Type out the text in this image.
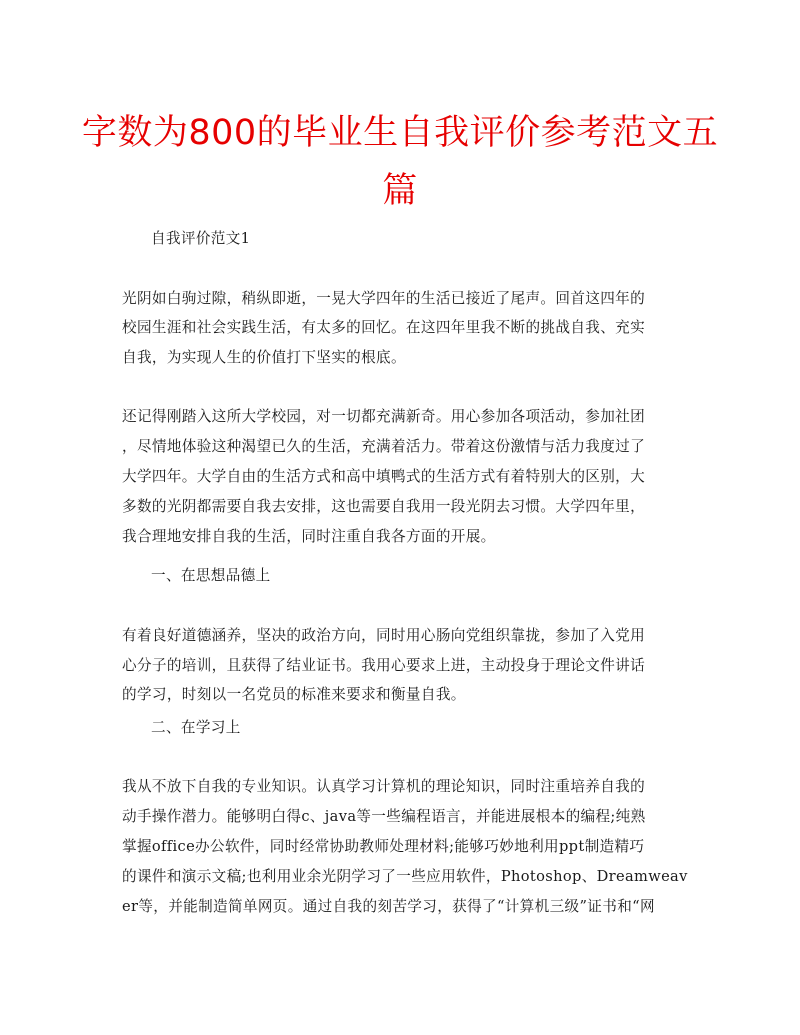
字数为800的毕业生自我评价参考范文五
篇
自我评价范文1
光阴如白驹过隙，稍纵即逝，一晃大学四年的生活已接近了尾声。回首这四年的
校园生涯和社会实践生活，有太多的回忆。在这四年里我不断的挑战自我、充实
自我，为实现人生的价值打下坚实的根底。
还记得刚踏入这所大学校园，对一切都充满新奇。用心参加各项活动，参加社团
，尽情地体验这种渴望已久的生活，充满着活力。带着这份激情与活力我度过了
大学四年。大学自由的生活方式和高中填鸭式的生活方式有着特别大的区别，大
多数的光阴都需要自我去安排，这也需要自我用一段光阴去习惯。大学四年里，
我合理地安排自我的生活，同时注重自我各方面的开展。
一、在思想品德上
有着良好道德涵养，坚决的政治方向，同时用心肠向党组织靠拢，参加了入党用
心分子的培训，且获得了结业证书。我用心要求上进，主动投身于理论文件讲话
的学习，时刻以一名党员的标准来要求和衡量自我。
二、在学习上
我从不放下自我的专业知识。认真学习计算机的理论知识，同时注重培养自我的
动手操作潜力。能够明白得c、java等一些编程语言，并能进展根本的编程;纯熟
掌握office办公软件，同时经常协助教师处理材料;能够巧妙地利用ppt制造精巧
的课件和演示文稿;也利用业余光阴学习了一些应用软件，Photoshop、Dreamweav
er等，并能制造简单网页。通过自我的刻苦学习，获得了“计算机三级”证书和“网
